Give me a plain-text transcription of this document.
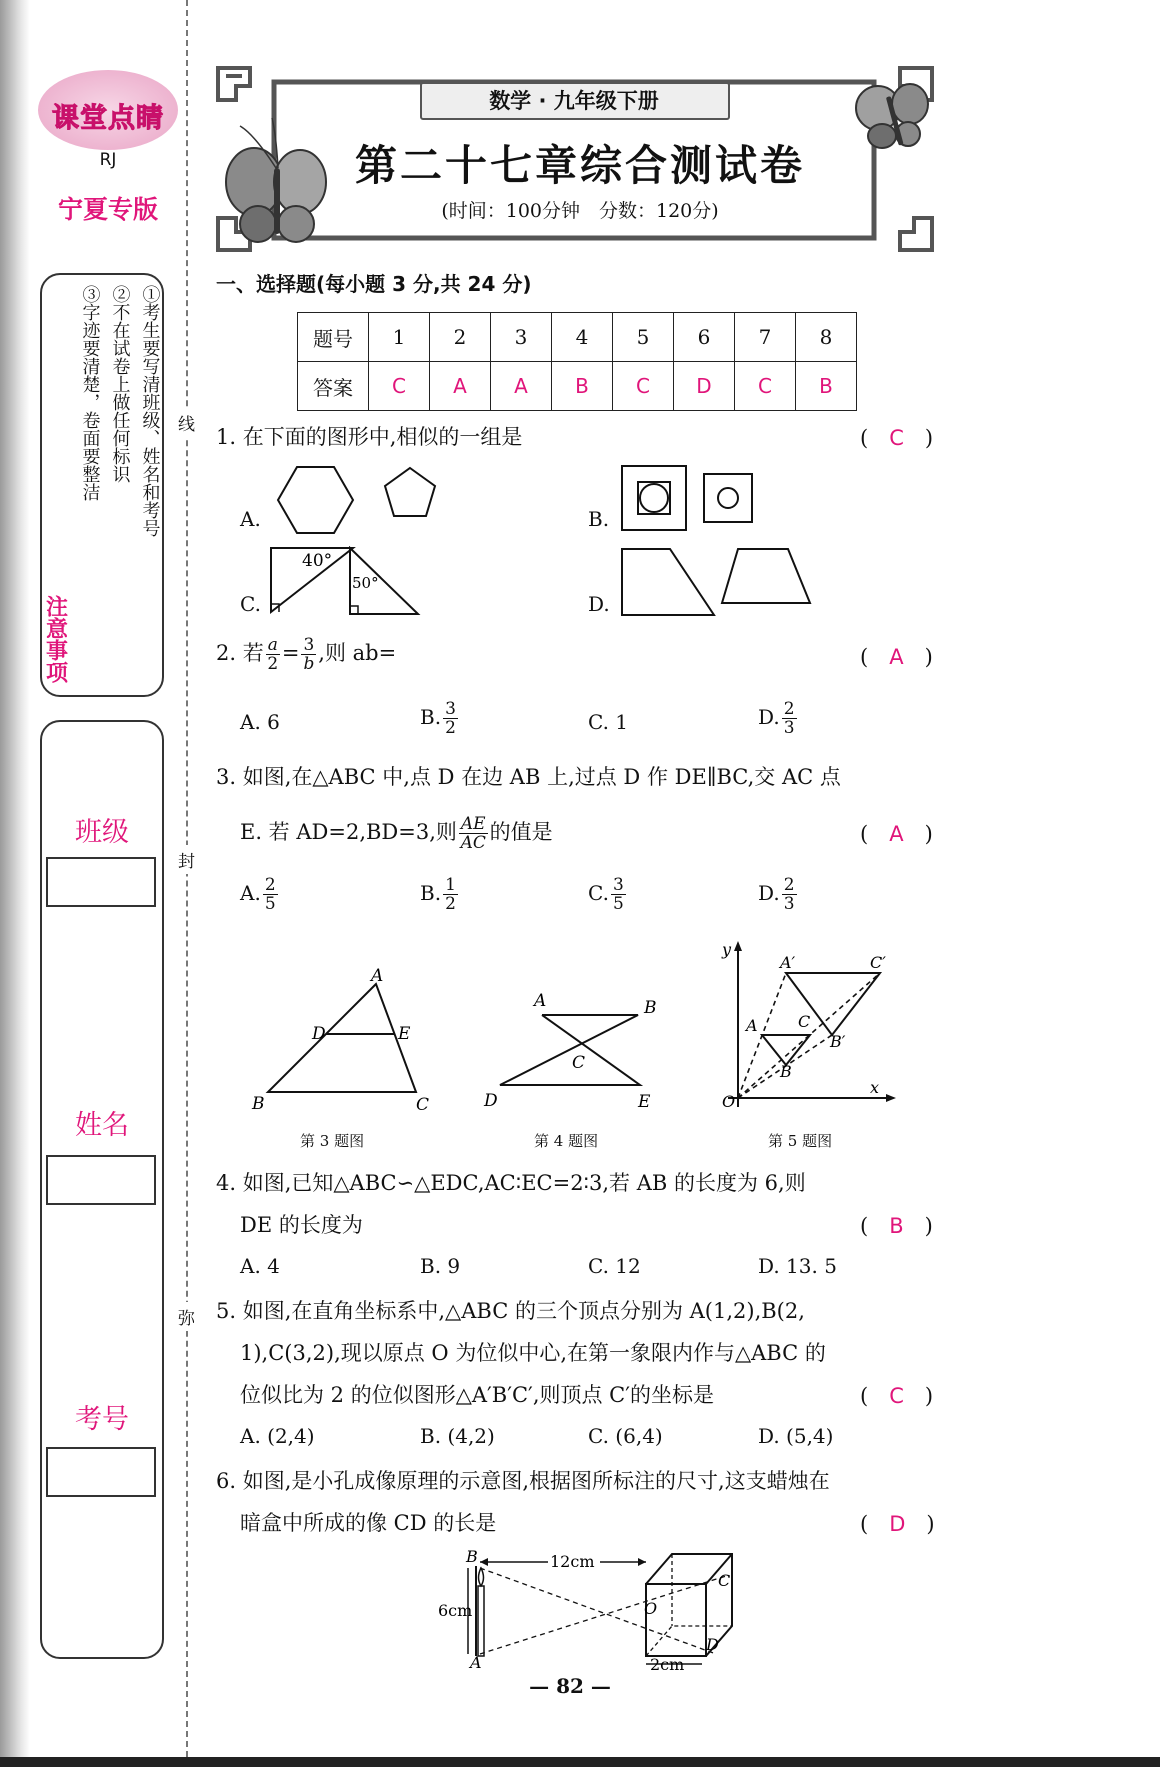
线
封
弥
课堂点睛
RJ
宁夏专版
①考生要写清班级、姓名和考号
②不在试卷上做任何标识
③字迹要清楚，卷面要整洁
注意事项
班级
姓名
考号
数学 · 九年级下册
第二十七章综合测试卷
(时间：100分钟　分数：120分)
一、选择题(每小题 3 分,共 24 分)
题号	1	2	3	4	5	6	7	8
答案	C	A	A	B	C	D	C	B
1. 在下面的图形中,相似的一组是	(　C　)
A.	B.
C.	D.
40°
50°
2. 若 $\frac{a}{2} = \frac{3}{b}$ ,则 ab=	(　A　)
A. 6	B. $\frac{3}{2}$	C. 1	D. $\frac{2}{3}$
3. 如图,在△ABC 中,点 D 在边 AB 上,过点 D 作 DE∥BC,交 AC 点
E. 若 AD=2,BD=3,则 $\frac{AE}{AC}$ 的值是	(　A　)
A. $\frac{2}{5}$	B. $\frac{1}{2}$	C. $\frac{3}{5}$	D. $\frac{2}{3}$
A
D	E
B	C
第 3 题图
A	B
C
D	E
第 4 题图
y
x
O
A′	C′
A	C
B′
B
第 5 题图
4. 如图,已知△ABC∽△EDC,AC∶EC=2∶3,若 AB 的长度为 6,则
DE 的长度为	(　B　)
A. 4	B. 9	C. 12	D. 13. 5
5. 如图,在直角坐标系中,△ABC 的三个顶点分别为 A(1,2),B(2,
1),C(3,2),现以原点 O 为位似中心,在第一象限内作与△ABC 的
位似比为 2 的位似图形△A′B′C′,则顶点 C′的坐标是	(　C　)
A. (2,4)	B. (4,2)	C. (6,4)	D. (5,4)
6. 如图,是小孔成像原理的示意图,根据图所标注的尺寸,这支蜡烛在
暗盒中所成的像 CD 的长是	(　D　)
12cm
6cm
2cm
B
A
C
D
O
— 82 —
